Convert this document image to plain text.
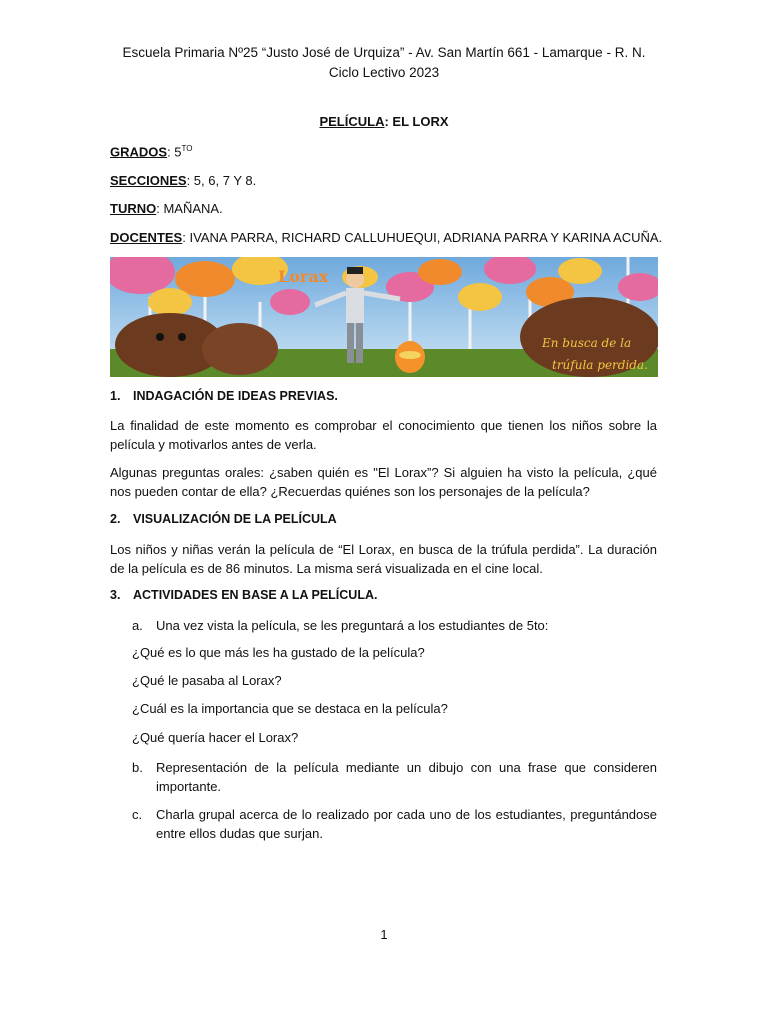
Escuela Primaria Nº25 “Justo José de Urquiza” - Av. San Martín 661 - Lamarque - R. N.
Ciclo Lectivo 2023
PELÍCULA: EL LORX
GRADOS: $5^{TO}$
SECCIONES: 5, 6, 7 Y 8.
TURNO: MAÑANA.
DOCENTES: IVANA PARRA, RICHARD CALLUHUEQUI, ADRIANA PARRA Y KARINA ACUÑA.
Lorax
En busca de la
trúfula perdida.
1. INDAGACIÓN DE IDEAS PREVIAS.
La finalidad de este momento es comprobar el conocimiento que tienen los niños sobre la película y motivarlos antes de verla.
Algunas preguntas orales: ¿saben quién es "El Lorax”? Si alguien ha visto la película, ¿qué nos pueden contar de ella? ¿Recuerdas quiénes son los personajes de la película?
2. VISUALIZACIÓN DE LA PELÍCULA
Los niños y niñas verán la película de “El Lorax, en busca de la trúfula perdida”. La duración de la película es de 86 minutos. La misma será visualizada en el cine local.
3. ACTIVIDADES EN BASE A LA PELÍCULA.
a. Una vez vista la película, se les preguntará a los estudiantes de 5to:
¿Qué es lo que más les ha gustado de la película?
¿Qué le pasaba al Lorax?
¿Cuál es la importancia que se destaca en la película?
¿Qué quería hacer el Lorax?
b. Representación de la película mediante un dibujo con una frase que consideren importante.
c. Charla grupal acerca de lo realizado por cada uno de los estudiantes, preguntándose entre ellos dudas que surjan.
1
